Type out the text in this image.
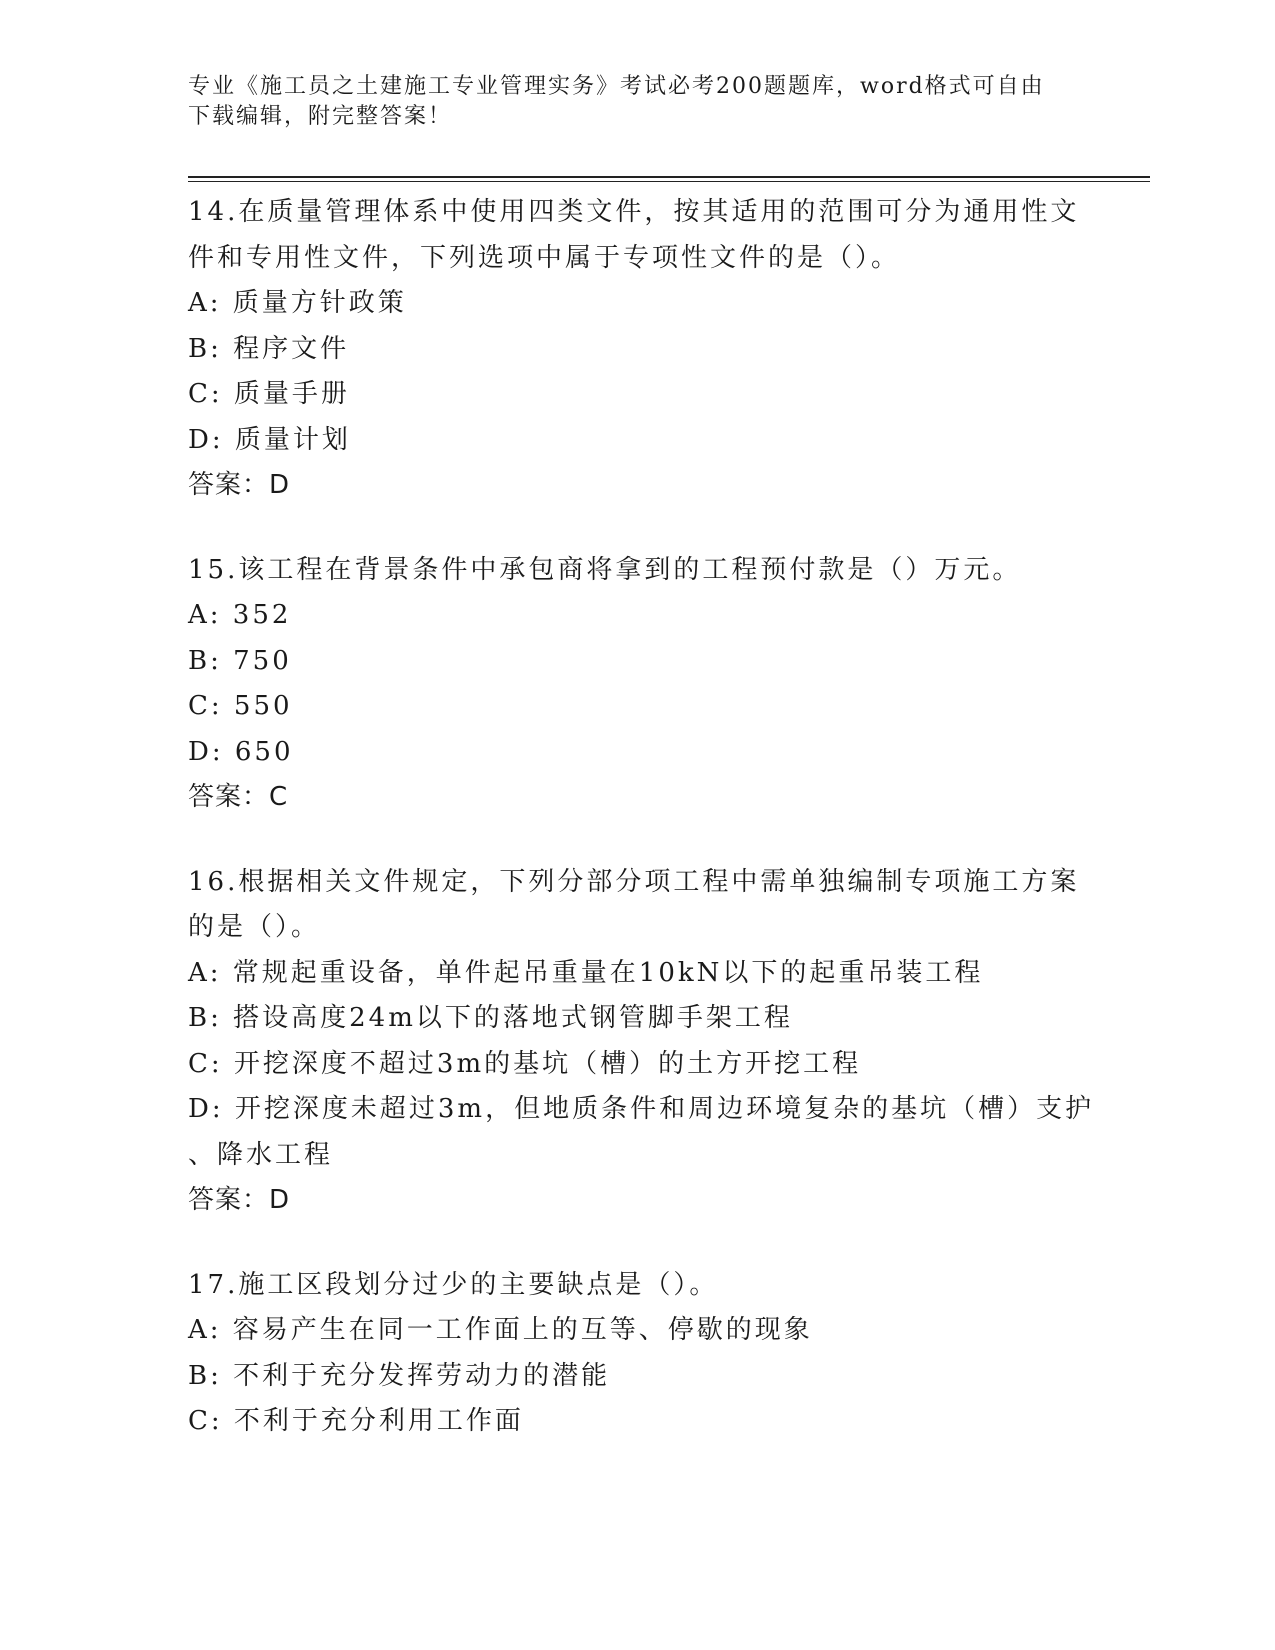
专业《施工员之土建施工专业管理实务》考试必考200题题库，word格式可自由
下载编辑，附完整答案！
14.在质量管理体系中使用四类文件，按其适用的范围可分为通用性文
件和专用性文件，下列选项中属于专项性文件的是（）。
A: 质量方针政策
B: 程序文件
C: 质量手册
D: 质量计划
答案：D
15.该工程在背景条件中承包商将拿到的工程预付款是（）万元。
A: 352
B: 750
C: 550
D: 650
答案：C
16.根据相关文件规定，下列分部分项工程中需单独编制专项施工方案
的是（）。
A: 常规起重设备，单件起吊重量在10kN以下的起重吊装工程
B: 搭设高度24m以下的落地式钢管脚手架工程
C: 开挖深度不超过3m的基坑（槽）的土方开挖工程
D: 开挖深度未超过3m，但地质条件和周边环境复杂的基坑（槽）支护
、降水工程
答案：D
17.施工区段划分过少的主要缺点是（）。
A: 容易产生在同一工作面上的互等、停歇的现象
B: 不利于充分发挥劳动力的潜能
C: 不利于充分利用工作面
